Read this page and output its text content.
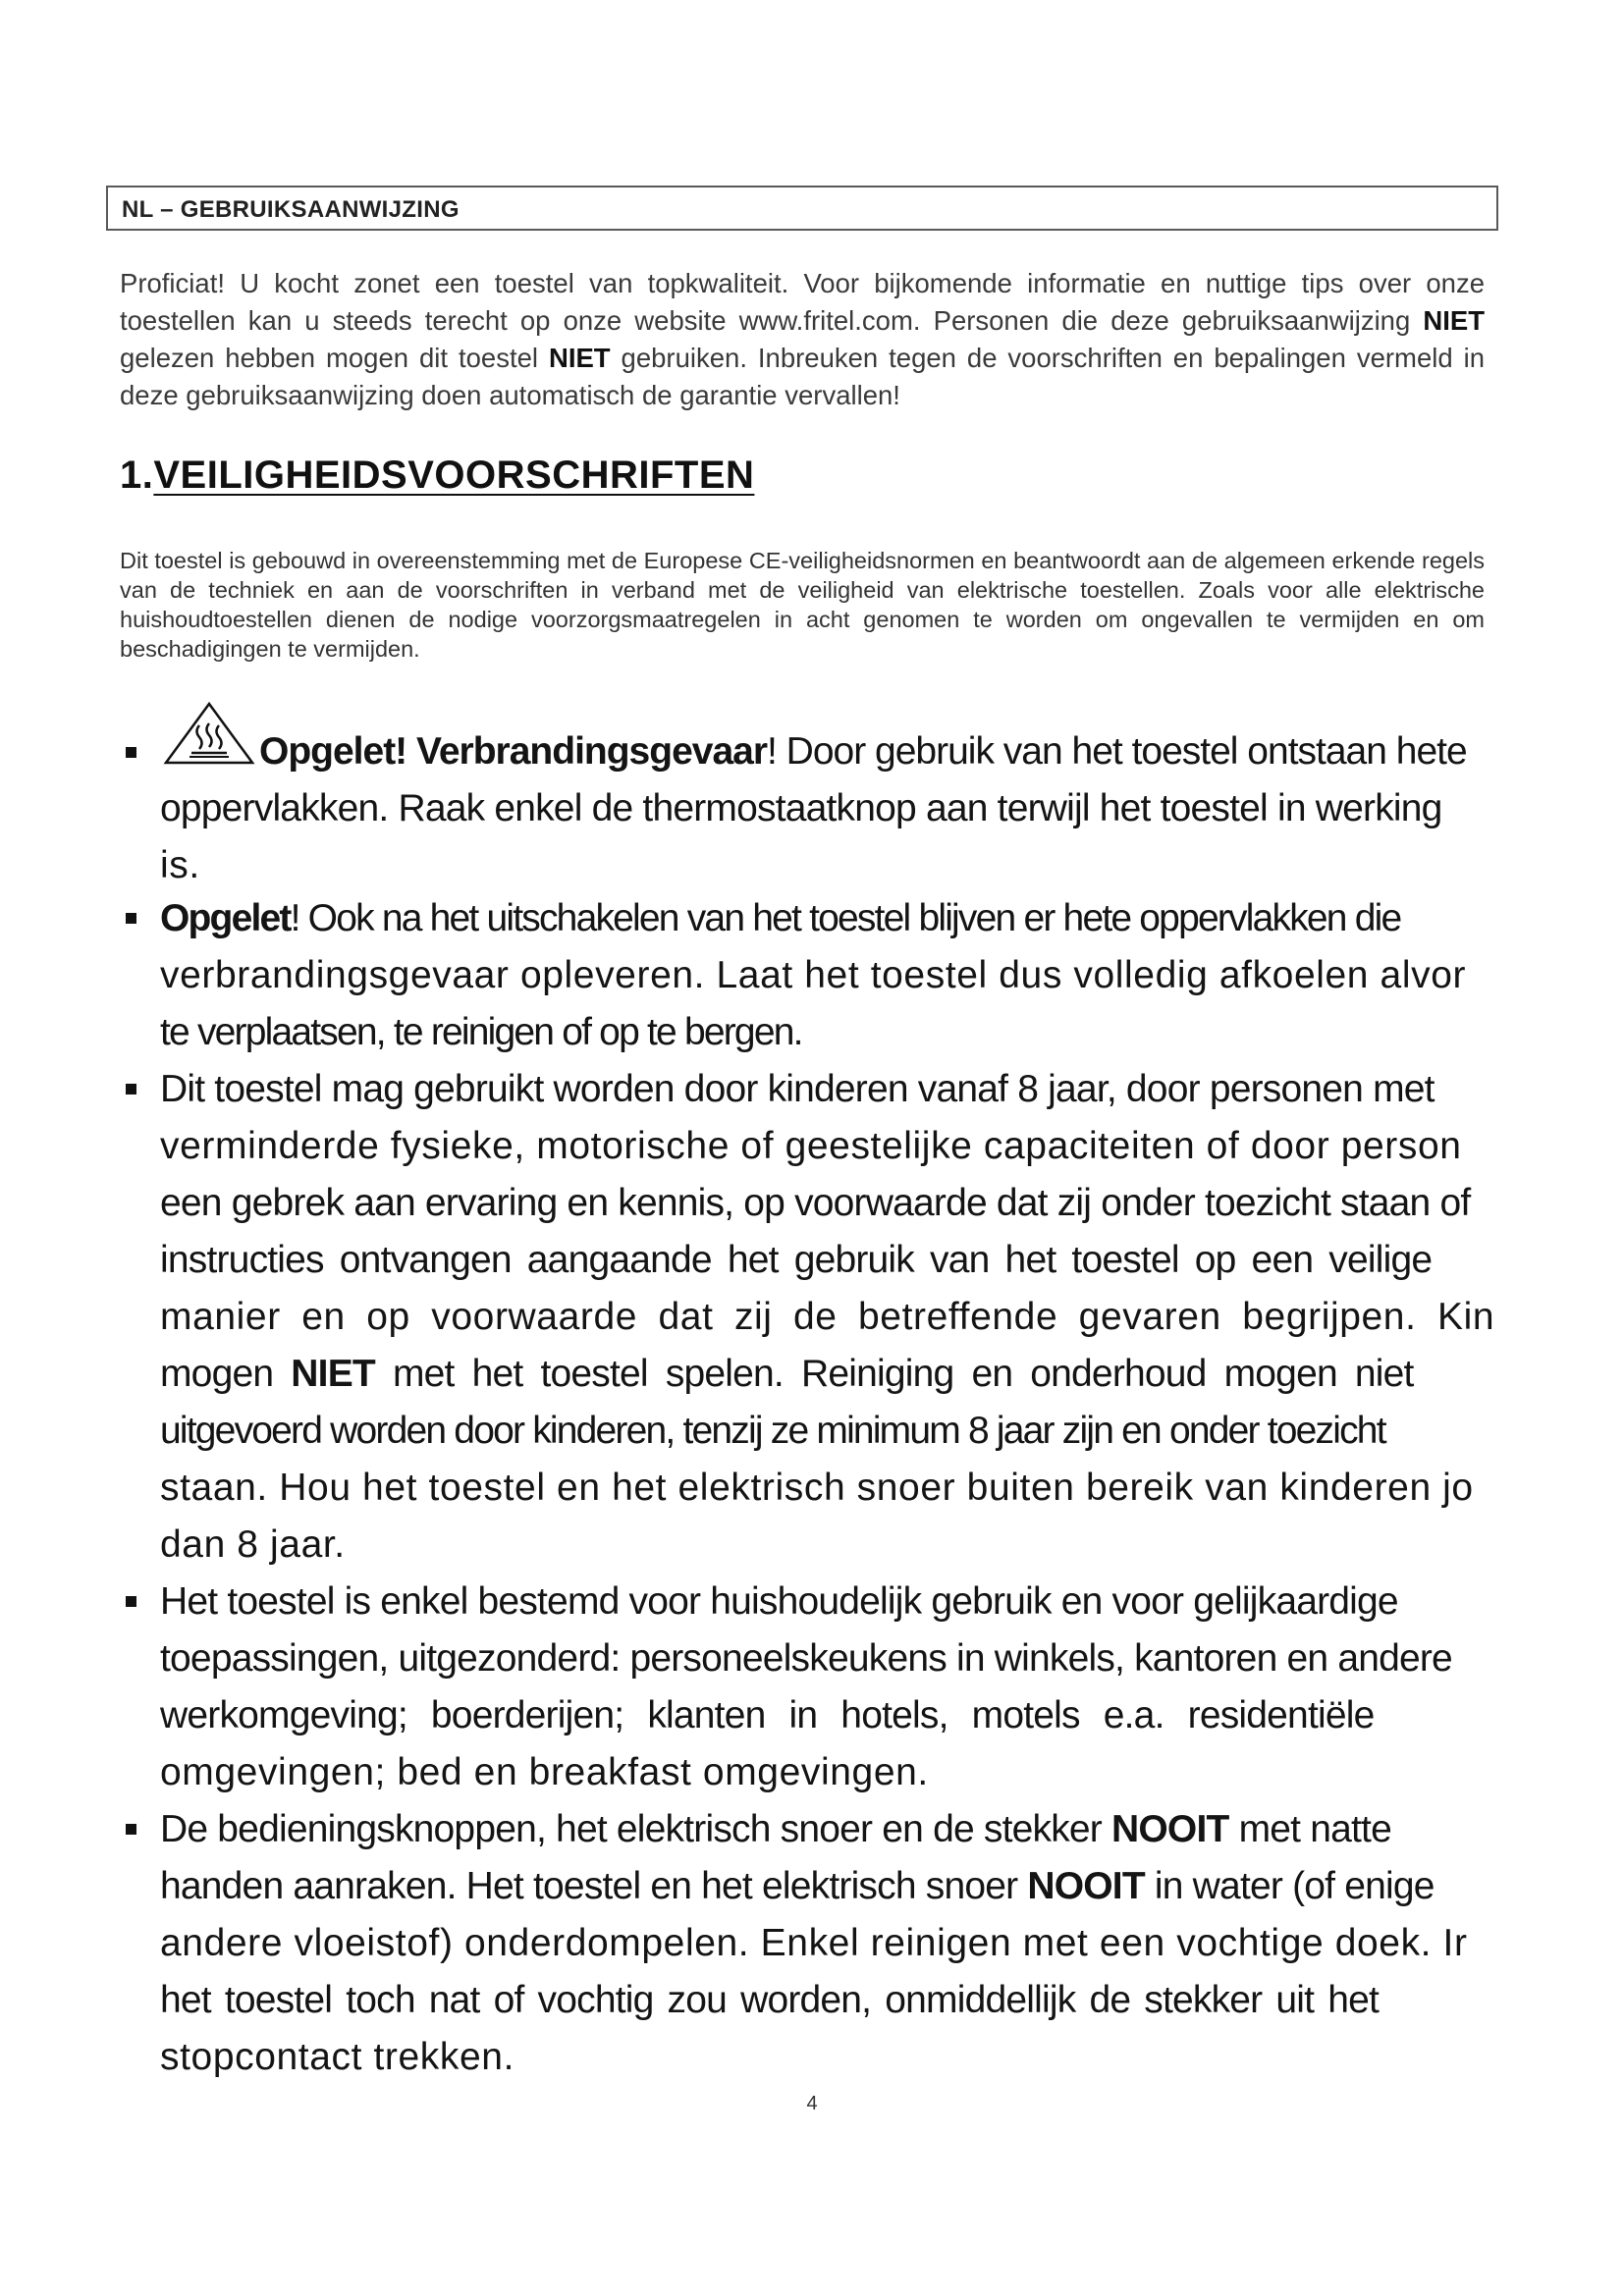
NL – GEBRUIKSAANWIJZING
Proficiat! U kocht zonet een toestel van topkwaliteit. Voor bijkomende informatie en nuttige tips over onze toestellen kan u steeds terecht op onze website www.fritel.com. Personen die deze gebruiksaanwijzing NIET gelezen hebben mogen dit toestel NIET gebruiken. Inbreuken tegen de voorschriften en bepalingen vermeld in deze gebruiksaanwijzing doen automatisch de garantie vervallen!
1.VEILIGHEIDSVOORSCHRIFTEN
Dit toestel is gebouwd in overeenstemming met de Europese CE-veiligheidsnormen en beantwoordt aan de algemeen erkende regels van de techniek en aan de voorschriften in verband met de veiligheid van elektrische toestellen. Zoals voor alle elektrische huishoudtoestellen dienen de nodige voorzorgsmaatregelen in acht genomen te worden om ongevallen te vermijden en om beschadigingen te vermijden.
Opgelet! Verbrandingsgevaar! Door gebruik van het toestel ontstaan hete
oppervlakken. Raak enkel de thermostaatknop aan terwijl het toestel in werking
is.
Opgelet! Ook na het uitschakelen van het toestel blijven er hete oppervlakken die
verbrandingsgevaar opleveren. Laat het toestel dus volledig afkoelen alvor
te verplaatsen, te reinigen of op te bergen.
Dit toestel mag gebruikt worden door kinderen vanaf 8 jaar, door personen met
verminderde fysieke, motorische of geestelijke capaciteiten of door person
een gebrek aan ervaring en kennis, op voorwaarde dat zij onder toezicht staan of
instructies ontvangen aangaande het gebruik van het toestel op een veilige
manier en op voorwaarde dat zij de betreffende gevaren begrijpen. Kin
mogen NIET met het toestel spelen. Reiniging en onderhoud mogen niet
uitgevoerd worden door kinderen, tenzij ze minimum 8 jaar zijn en onder toezicht
staan. Hou het toestel en het elektrisch snoer buiten bereik van kinderen jo
dan 8 jaar.
Het toestel is enkel bestemd voor huishoudelijk gebruik en voor gelijkaardige
toepassingen, uitgezonderd: personeelskeukens in winkels, kantoren en andere
werkomgeving; boerderijen; klanten in hotels, motels e.a. residentiële
omgevingen; bed en breakfast omgevingen.
De bedieningsknoppen, het elektrisch snoer en de stekker NOOIT met natte
handen aanraken. Het toestel en het elektrisch snoer NOOIT in water (of enige
andere vloeistof) onderdompelen. Enkel reinigen met een vochtige doek. Ir
het toestel toch nat of vochtig zou worden, onmiddellijk de stekker uit het
stopcontact trekken.
4
